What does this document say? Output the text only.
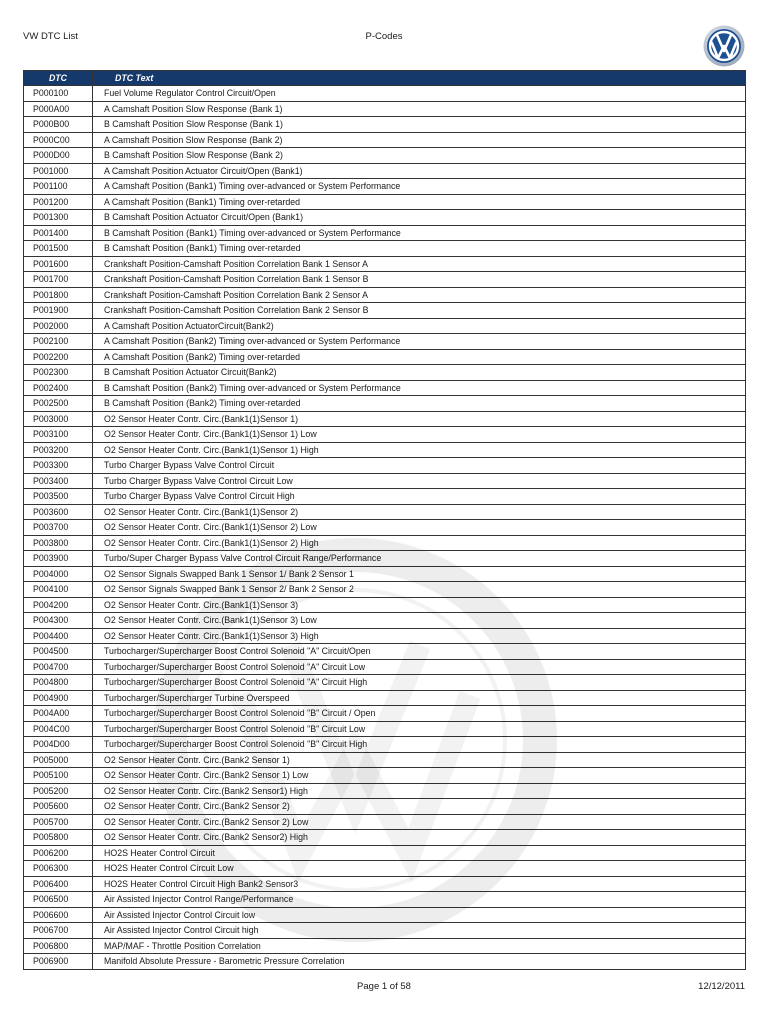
VW DTC List	P-Codes
DTC	DTC Text
P000100	Fuel Volume Regulator Control Circuit/Open
P000A00	A Camshaft Position Slow Response (Bank 1)
P000B00	B Camshaft Position Slow Response (Bank 1)
P000C00	A Camshaft Position Slow Response (Bank 2)
P000D00	B Camshaft Position Slow Response (Bank 2)
P001000	A Camshaft Position Actuator Circuit/Open (Bank1)
P001100	A Camshaft Position (Bank1) Timing over-advanced or System Performance
P001200	A Camshaft Position (Bank1) Timing over-retarded
P001300	B Camshaft Position Actuator Circuit/Open (Bank1)
P001400	B Camshaft Position (Bank1) Timing over-advanced or System Performance
P001500	B Camshaft Position (Bank1) Timing over-retarded
P001600	Crankshaft Position-Camshaft Position Correlation Bank 1 Sensor A
P001700	Crankshaft Position-Camshaft Position Correlation Bank 1 Sensor B
P001800	Crankshaft Position-Camshaft Position Correlation Bank 2 Sensor A
P001900	Crankshaft Position-Camshaft Position Correlation Bank 2 Sensor B
P002000	A Camshaft Position ActuatorCircuit(Bank2)
P002100	A Camshaft Position (Bank2) Timing over-advanced or System Performance
P002200	A Camshaft Position (Bank2) Timing over-retarded
P002300	B Camshaft Position Actuator Circuit(Bank2)
P002400	B Camshaft Position (Bank2) Timing over-advanced or System Performance
P002500	B Camshaft Position (Bank2) Timing over-retarded
P003000	O2 Sensor Heater Contr. Circ.(Bank1(1)Sensor 1)
P003100	O2 Sensor Heater Contr. Circ.(Bank1(1)Sensor 1) Low
P003200	O2 Sensor Heater Contr. Circ.(Bank1(1)Sensor 1) High
P003300	Turbo Charger Bypass Valve Control Circuit
P003400	Turbo Charger Bypass Valve Control Circuit Low
P003500	Turbo Charger Bypass Valve Control Circuit High
P003600	O2 Sensor Heater Contr. Circ.(Bank1(1)Sensor 2)
P003700	O2 Sensor Heater Contr. Circ.(Bank1(1)Sensor 2) Low
P003800	O2 Sensor Heater Contr. Circ.(Bank1(1)Sensor 2) High
P003900	Turbo/Super Charger Bypass Valve Control Circuit Range/Performance
P004000	O2 Sensor Signals Swapped Bank 1 Sensor 1/ Bank 2 Sensor 1
P004100	O2 Sensor Signals Swapped Bank 1 Sensor 2/ Bank 2 Sensor 2
P004200	O2 Sensor Heater Contr. Circ.(Bank1(1)Sensor 3)
P004300	O2 Sensor Heater Contr. Circ.(Bank1(1)Sensor 3) Low
P004400	O2 Sensor Heater Contr. Circ.(Bank1(1)Sensor 3) High
P004500	Turbocharger/Supercharger Boost Control Solenoid "A" Circuit/Open
P004700	Turbocharger/Supercharger Boost Control Solenoid "A" Circuit Low
P004800	Turbocharger/Supercharger Boost Control Solenoid "A" Circuit High
P004900	Turbocharger/Supercharger Turbine Overspeed
P004A00	Turbocharger/Supercharger Boost Control Solenoid "B" Circuit / Open
P004C00	Turbocharger/Supercharger Boost Control Solenoid "B" Circuit Low
P004D00	Turbocharger/Supercharger Boost Control Solenoid "B" Circuit High
P005000	O2 Sensor Heater Contr. Circ.(Bank2 Sensor 1)
P005100	O2 Sensor Heater Contr. Circ.(Bank2 Sensor 1) Low
P005200	O2 Sensor Heater Contr. Circ.(Bank2 Sensor1) High
P005600	O2 Sensor Heater Contr. Circ.(Bank2 Sensor 2)
P005700	O2 Sensor Heater Contr. Circ.(Bank2 Sensor 2) Low
P005800	O2 Sensor Heater Contr. Circ.(Bank2 Sensor2) High
P006200	HO2S Heater Control Circuit
P006300	HO2S Heater Control Circuit Low
P006400	HO2S Heater Control Circuit High Bank2 Sensor3
P006500	Air Assisted Injector Control Range/Performance
P006600	Air Assisted Injector Control Circuit low
P006700	Air Assisted Injector Control Circuit high
P006800	MAP/MAF - Throttle Position Correlation
P006900	Manifold Absolute Pressure - Barometric Pressure Correlation
Page 1 of 58	12/12/2011
